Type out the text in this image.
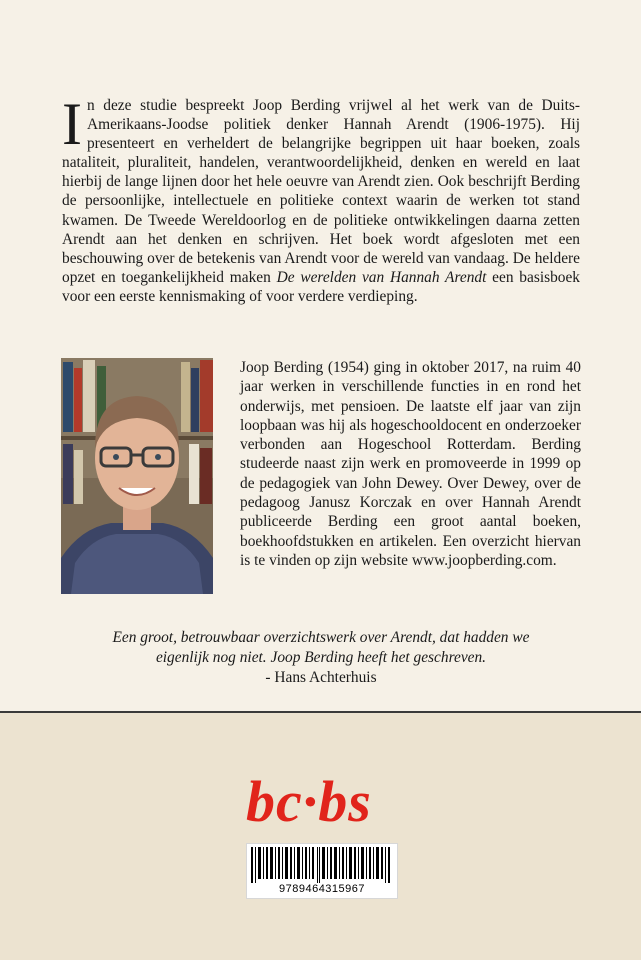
In deze studie bespreekt Joop Berding vrijwel al het werk van de Duits-Amerikaans-Joodse politiek denker Hannah Arendt (1906-1975). Hij presenteert en verheldert de belangrijke begrippen uit haar boeken, zoals nataliteit, pluraliteit, handelen, verantwoordelijkheid, denken en wereld en laat hierbij de lange lijnen door het hele oeuvre van Arendt zien. Ook beschrijft Berding de persoonlijke, intellectuele en politieke context waarin de werken tot stand kwamen. De Tweede Wereldoorlog en de politieke ontwikkelingen daarna zetten Arendt aan het denken en schrijven. Het boek wordt afgesloten met een beschouwing over de betekenis van Arendt voor de wereld van vandaag. De heldere opzet en toegankelijkheid maken De werelden van Hannah Arendt een basisboek voor een eerste kennismaking of voor verdere verdieping.
Joop Berding (1954) ging in oktober 2017, na ruim 40 jaar werken in verschillende functies in en rond het onderwijs, met pensioen. De laatste elf jaar van zijn loopbaan was hij als hogeschooldocent en onderzoeker verbonden aan Hogeschool Rotterdam. Berding studeerde naast zijn werk en promoveerde in 1999 op de pedagogiek van John Dewey. Over Dewey, over de pedagoog Janusz Korczak en over Hannah Arendt publiceerde Berding een groot aantal boeken, boekhoofdstukken en artikelen. Een overzicht hiervan is te vinden op zijn website www.joopberding.com.
Een groot, betrouwbaar overzichtswerk over Arendt, dat hadden we
eigenlijk nog niet. Joop Berding heeft het geschreven.
- Hans Achterhuis
bc·bs
9789464315967
